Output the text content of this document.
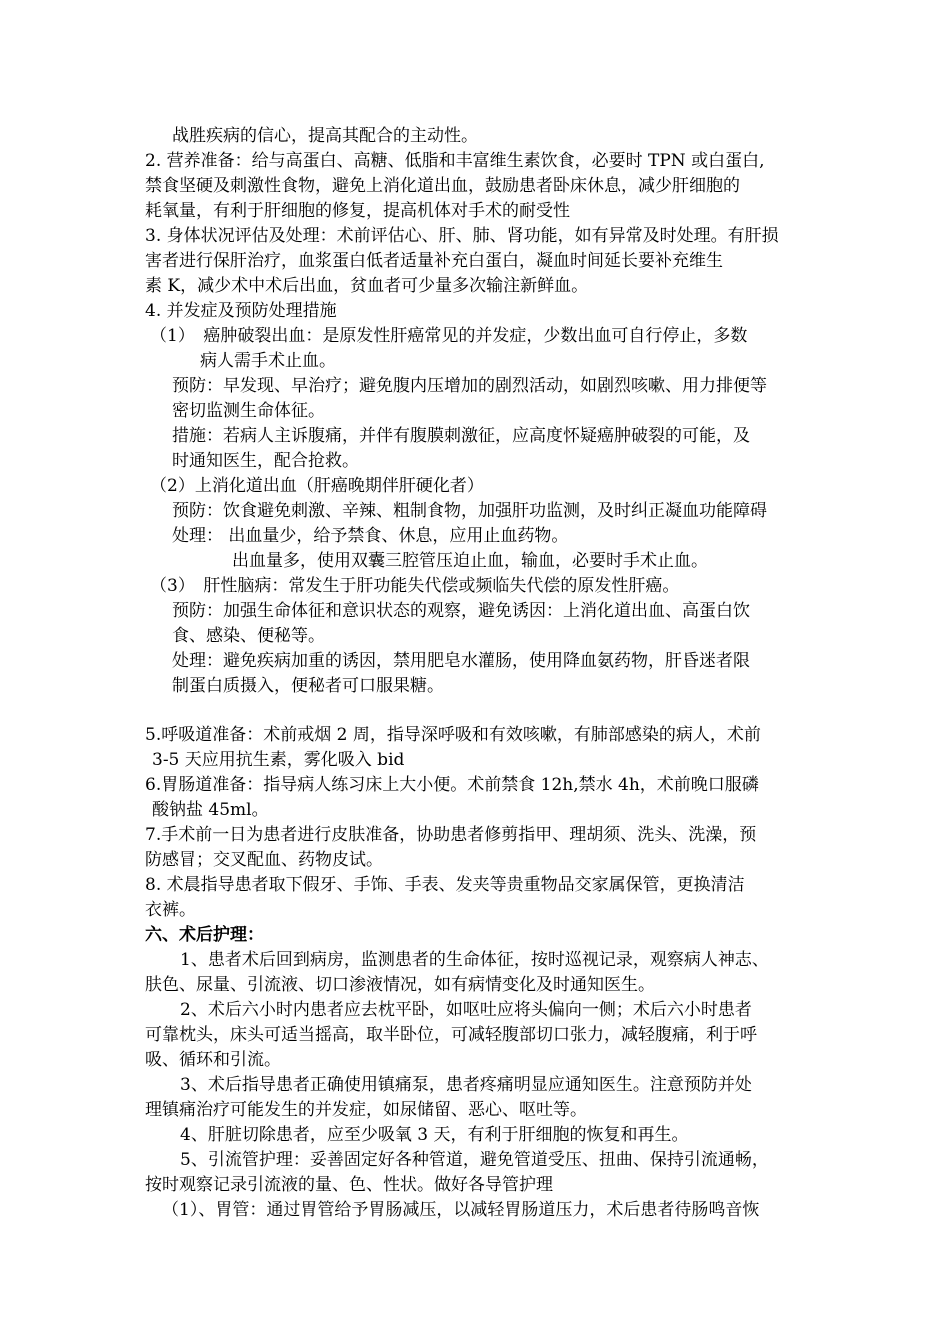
战胜疾病的信心，提高其配合的主动性。
2. 营养准备：给与高蛋白、高糖、低脂和丰富维生素饮食，必要时 TPN 或白蛋白,
禁食坚硬及刺激性食物，避免上消化道出血，鼓励患者卧床休息，减少肝细胞的
耗氧量，有利于肝细胞的修复，提高机体对手术的耐受性
3. 身体状况评估及处理：术前评估心、肝、肺、肾功能，如有异常及时处理。有肝损
害者进行保肝治疗，血浆蛋白低者适量补充白蛋白，凝血时间延长要补充维生
素 K，减少术中术后出血，贫血者可少量多次输注新鲜血。
4. 并发症及预防处理措施
（1）　癌肿破裂出血：是原发性肝癌常见的并发症，少数出血可自行停止，多数
病人需手术止血。
预防：早发现、早治疗；避免腹内压增加的剧烈活动，如剧烈咳嗽、用力排便等
密切监测生命体征。
措施：若病人主诉腹痛，并伴有腹膜刺激征，应高度怀疑癌肿破裂的可能，及
时通知医生，配合抢救。
（2）上消化道出血（肝癌晚期伴肝硬化者）
预防：饮食避免刺激、辛辣、粗制食物，加强肝功监测，及时纠正凝血功能障碍
处理： 出血量少，给予禁食、休息，应用止血药物。
出血量多，使用双囊三腔管压迫止血，输血，必要时手术止血。
（3）　肝性脑病：常发生于肝功能失代偿或频临失代偿的原发性肝癌。
预防：加强生命体征和意识状态的观察，避免诱因：上消化道出血、高蛋白饮
食、感染、便秘等。
处理：避免疾病加重的诱因，禁用肥皂水灌肠，使用降血氨药物，肝昏迷者限
制蛋白质摄入，便秘者可口服果糖。
5.呼吸道准备：术前戒烟 2 周，指导深呼吸和有效咳嗽，有肺部感染的病人，术前
3-5 天应用抗生素，雾化吸入 bid
6.胃肠道准备：指导病人练习床上大小便。术前禁食 12h,禁水 4h，术前晚口服磷
酸钠盐 45ml。
7.手术前一日为患者进行皮肤准备，协助患者修剪指甲、理胡须、洗头、洗澡，预
防感冒；交叉配血、药物皮试。
8. 术晨指导患者取下假牙、手饰、手表、发夹等贵重物品交家属保管，更换清洁
衣裤。
六、术后护理：
1、患者术后回到病房，监测患者的生命体征，按时巡视记录，观察病人神志、
肤色、尿量、引流液、切口渗液情况，如有病情变化及时通知医生。
2、术后六小时内患者应去枕平卧，如呕吐应将头偏向一侧；术后六小时患者
可靠枕头，床头可适当摇高，取半卧位，可减轻腹部切口张力，减轻腹痛，利于呼
吸、循环和引流。
3、术后指导患者正确使用镇痛泵，患者疼痛明显应通知医生。注意预防并处
理镇痛治疗可能发生的并发症，如尿储留、恶心、呕吐等。
4、肝脏切除患者，应至少吸氧 3 天，有利于肝细胞的恢复和再生。
5、引流管护理：妥善固定好各种管道，避免管道受压、扭曲、保持引流通畅，
按时观察记录引流液的量、色、性状。做好各导管护理
（1）、胃管：通过胃管给予胃肠减压，以减轻胃肠道压力，术后患者待肠鸣音恢
